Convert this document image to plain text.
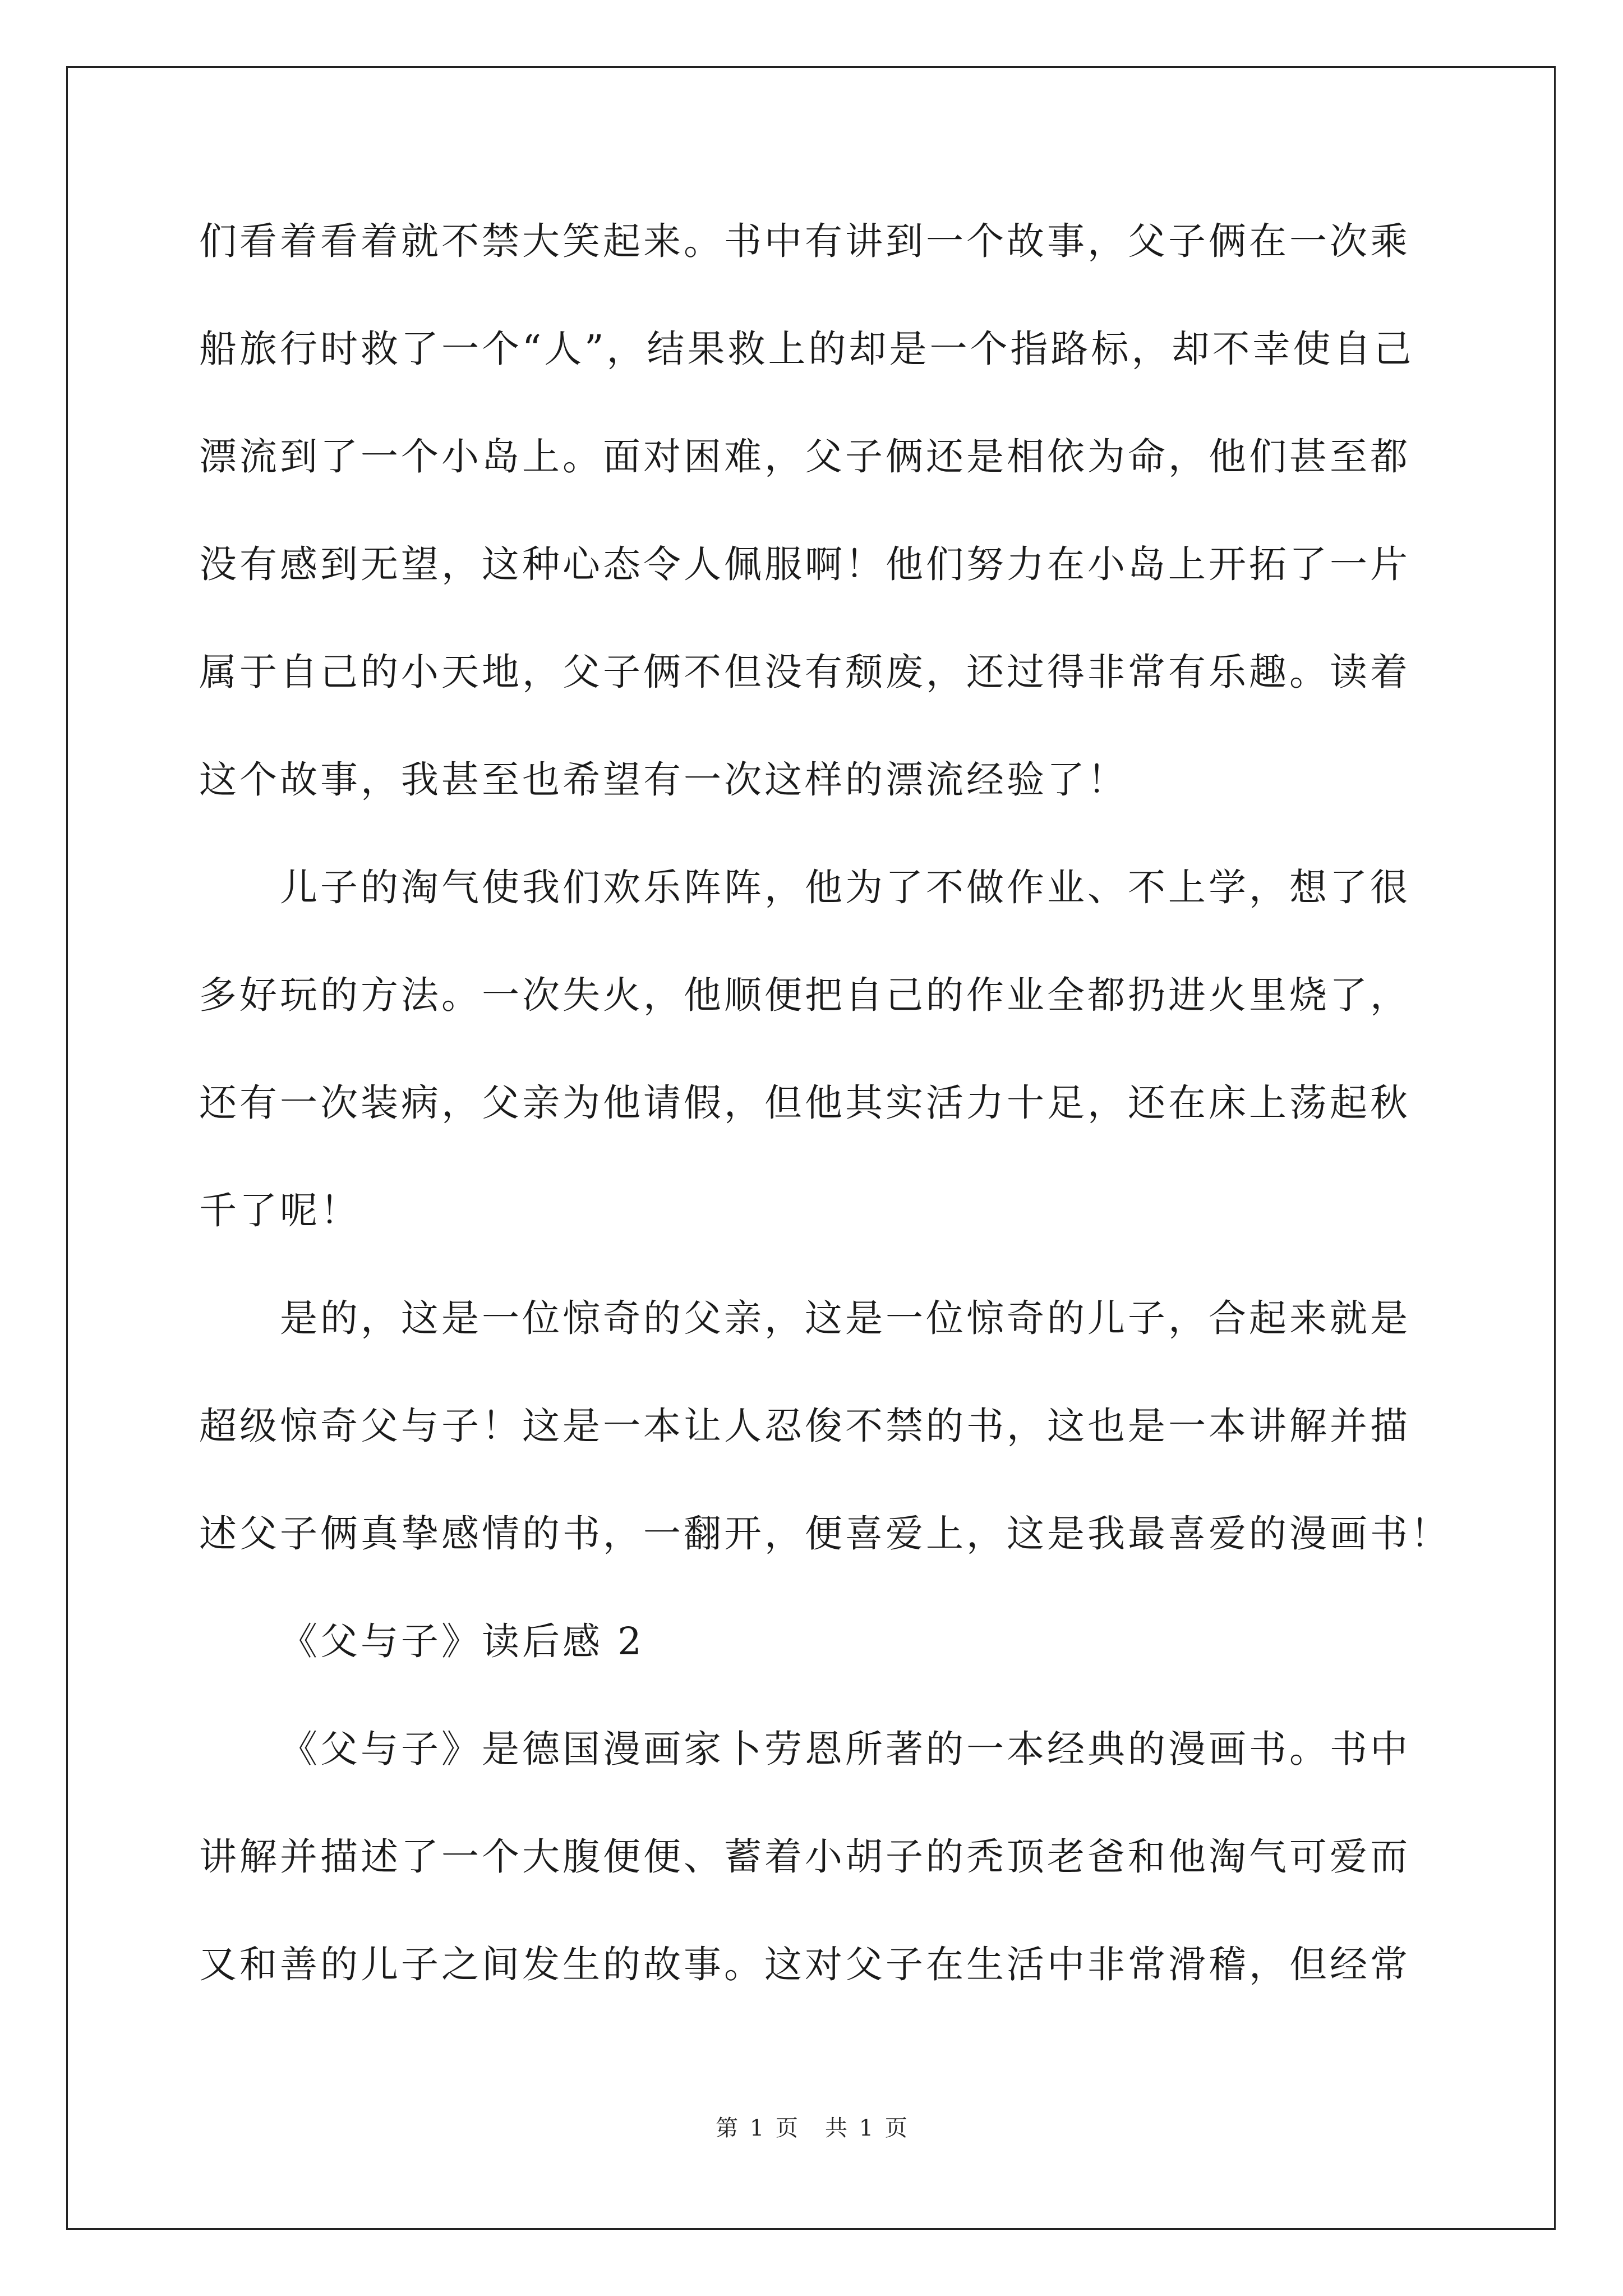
们看着看着就不禁大笑起来。书中有讲到一个故事，父子俩在一次乘
船旅行时救了一个“人”，结果救上的却是一个指路标，却不幸使自己
漂流到了一个小岛上。面对困难，父子俩还是相依为命，他们甚至都
没有感到无望，这种心态令人佩服啊！他们努力在小岛上开拓了一片
属于自己的小天地，父子俩不但没有颓废，还过得非常有乐趣。读着
这个故事，我甚至也希望有一次这样的漂流经验了！
儿子的淘气使我们欢乐阵阵，他为了不做作业、不上学，想了很
多好玩的方法。一次失火，他顺便把自己的作业全都扔进火里烧了，
还有一次装病，父亲为他请假，但他其实活力十足，还在床上荡起秋
千了呢！
是的，这是一位惊奇的父亲，这是一位惊奇的儿子，合起来就是
超级惊奇父与子！这是一本让人忍俊不禁的书，这也是一本讲解并描
述父子俩真挚感情的书，一翻开，便喜爱上，这是我最喜爱的漫画书！
《父与子》读后感 2
《父与子》是德国漫画家卜劳恩所著的一本经典的漫画书。书中
讲解并描述了一个大腹便便、蓄着小胡子的秃顶老爸和他淘气可爱而
又和善的儿子之间发生的故事。这对父子在生活中非常滑稽，但经常
第 1 页 共 1 页
